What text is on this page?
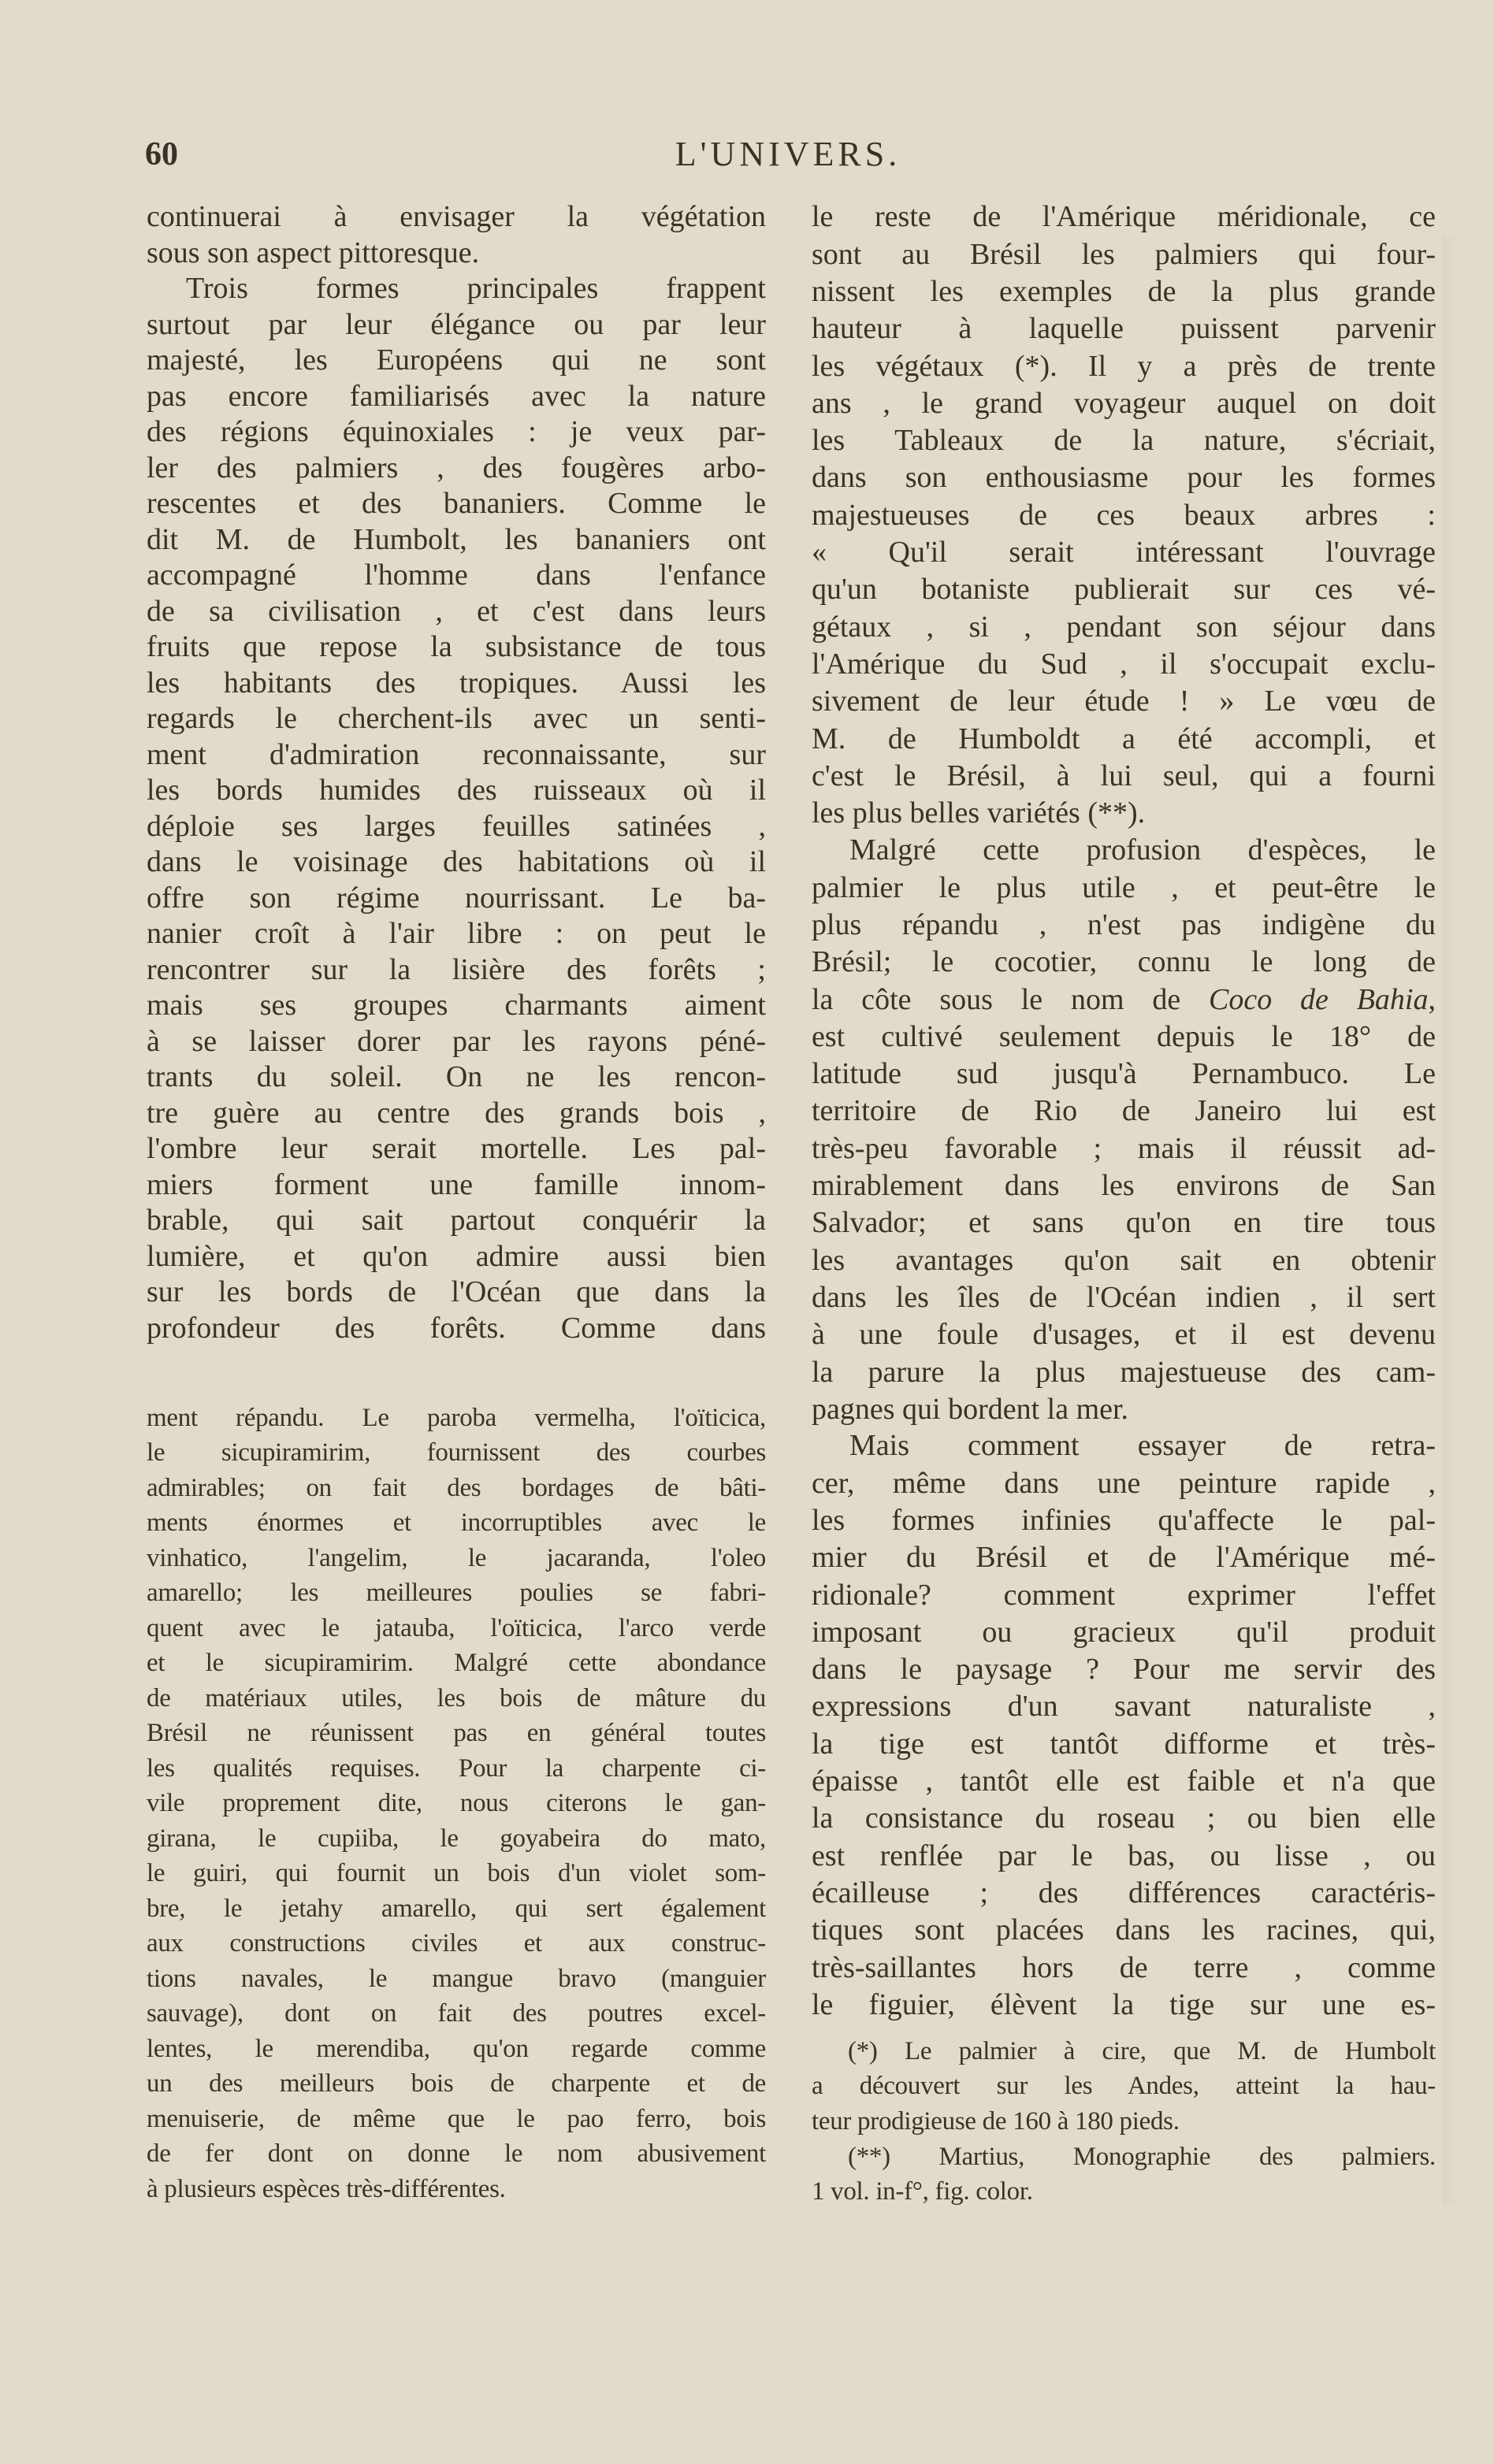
60	L'UNIVERS.
continuerai à envisager la végétation
sous son aspect pittoresque.
Trois formes principales frappent
surtout par leur élégance ou par leur
majesté, les Européens qui ne sont
pas encore familiarisés avec la nature
des régions équinoxiales : je veux par-
ler des palmiers , des fougères arbo-
rescentes et des bananiers. Comme le
dit M. de Humbolt, les bananiers ont
accompagné l'homme dans l'enfance
de sa civilisation , et c'est dans leurs
fruits que repose la subsistance de tous
les habitants des tropiques. Aussi les
regards le cherchent-ils avec un senti-
ment d'admiration reconnaissante, sur
les bords humides des ruisseaux où il
déploie ses larges feuilles satinées ,
dans le voisinage des habitations où il
offre son régime nourrissant. Le ba-
nanier croît à l'air libre : on peut le
rencontrer sur la lisière des forêts ;
mais ses groupes charmants aiment
à se laisser dorer par les rayons péné-
trants du soleil. On ne les rencon-
tre guère au centre des grands bois ,
l'ombre leur serait mortelle. Les pal-
miers forment une famille innom-
brable, qui sait partout conquérir la
lumière, et qu'on admire aussi bien
sur les bords de l'Océan que dans la
profondeur des forêts. Comme dans
ment répandu. Le paroba vermelha, l'oïticica,
le sicupiramirim, fournissent des courbes
admirables; on fait des bordages de bâti-
ments énormes et incorruptibles avec le
vinhatico, l'angelim, le jacaranda, l'oleo
amarello; les meilleures poulies se fabri-
quent avec le jatauba, l'oïticica, l'arco verde
et le sicupiramirim. Malgré cette abondance
de matériaux utiles, les bois de mâture du
Brésil ne réunissent pas en général toutes
les qualités requises. Pour la charpente ci-
vile proprement dite, nous citerons le gan-
girana, le cupiiba, le goyabeira do mato,
le guiri, qui fournit un bois d'un violet som-
bre, le jetahy amarello, qui sert également
aux constructions civiles et aux construc-
tions navales, le mangue bravo (manguier
sauvage), dont on fait des poutres excel-
lentes, le merendiba, qu'on regarde comme
un des meilleurs bois de charpente et de
menuiserie, de même que le pao ferro, bois
de fer dont on donne le nom abusivement
à plusieurs espèces très-différentes.
le reste de l'Amérique méridionale, ce
sont au Brésil les palmiers qui four-
nissent les exemples de la plus grande
hauteur à laquelle puissent parvenir
les végétaux (*). Il y a près de trente
ans , le grand voyageur auquel on doit
les Tableaux de la nature, s'écriait,
dans son enthousiasme pour les formes
majestueuses de ces beaux arbres :
« Qu'il serait intéressant l'ouvrage
qu'un botaniste publierait sur ces vé-
gétaux , si , pendant son séjour dans
l'Amérique du Sud , il s'occupait exclu-
sivement de leur étude ! » Le vœu de
M. de Humboldt a été accompli, et
c'est le Brésil, à lui seul, qui a fourni
les plus belles variétés (**).
Malgré cette profusion d'espèces, le
palmier le plus utile , et peut-être le
plus répandu , n'est pas indigène du
Brésil; le cocotier, connu le long de
la côte sous le nom de Coco de Bahia,
est cultivé seulement depuis le 18° de
latitude sud jusqu'à Pernambuco. Le
territoire de Rio de Janeiro lui est
très-peu favorable ; mais il réussit ad-
mirablement dans les environs de San
Salvador; et sans qu'on en tire tous
les avantages qu'on sait en obtenir
dans les îles de l'Océan indien , il sert
à une foule d'usages, et il est devenu
la parure la plus majestueuse des cam-
pagnes qui bordent la mer.
Mais comment essayer de retra-
cer, même dans une peinture rapide ,
les formes infinies qu'affecte le pal-
mier du Brésil et de l'Amérique mé-
ridionale? comment exprimer l'effet
imposant ou gracieux qu'il produit
dans le paysage ? Pour me servir des
expressions d'un savant naturaliste ,
la tige est tantôt difforme et très-
épaisse , tantôt elle est faible et n'a que
la consistance du roseau ; ou bien elle
est renflée par le bas, ou lisse , ou
écailleuse ; des différences caractéris-
tiques sont placées dans les racines, qui,
très-saillantes hors de terre , comme
le figuier, élèvent la tige sur une es-
(*) Le palmier à cire, que M. de Humbolt
a découvert sur les Andes, atteint la hau-
teur prodigieuse de 160 à 180 pieds.
(**) Martius, Monographie des palmiers.
1 vol. in-f°, fig. color.
